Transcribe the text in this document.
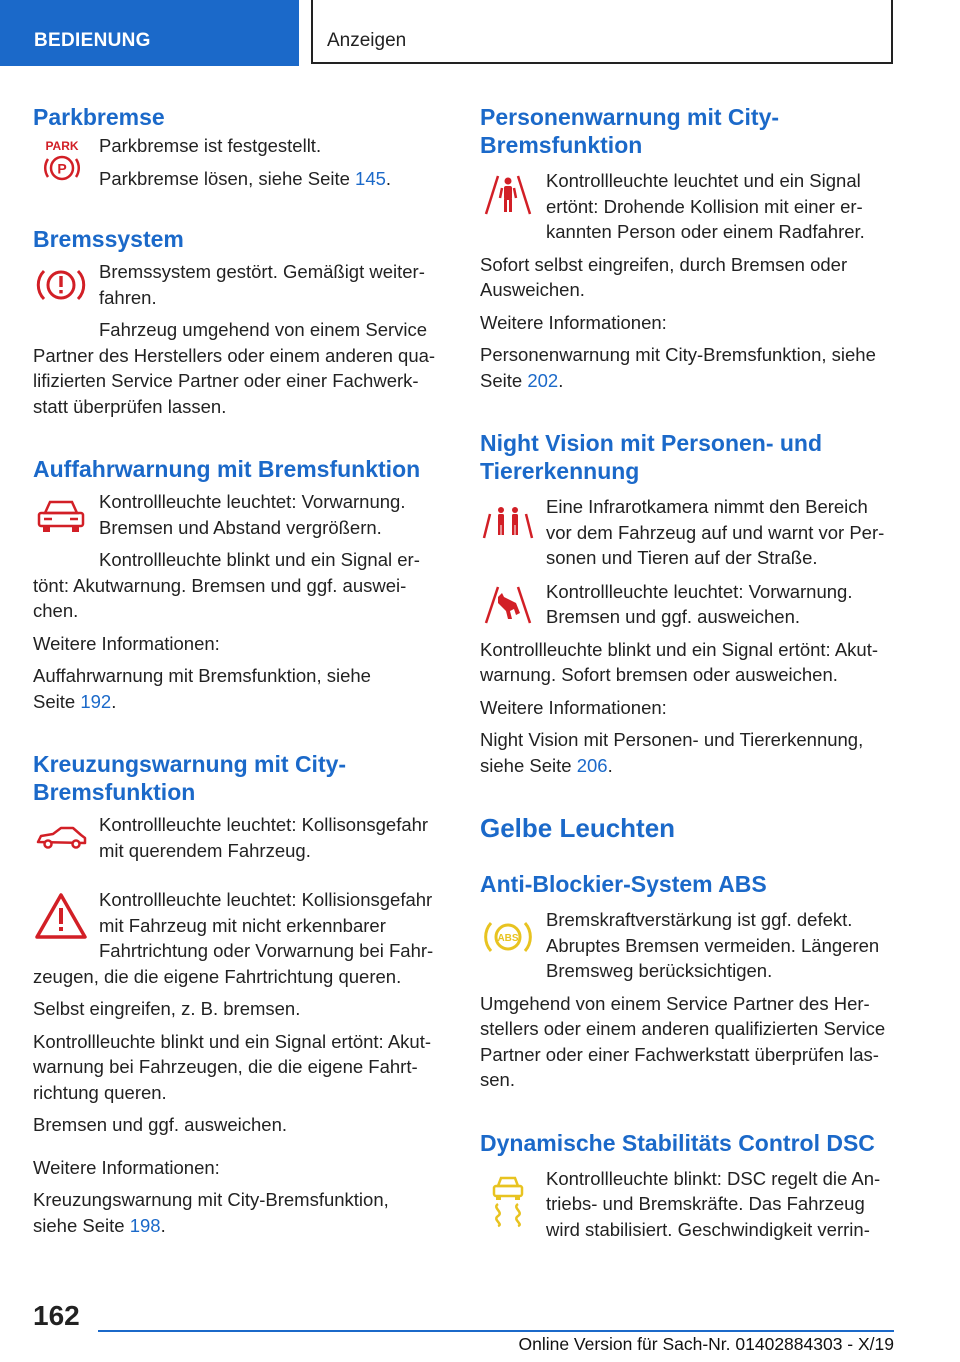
BEDIENUNG	Anzeigen
Parkbremse
PARK
P

Parkbremse ist festgestellt.

Parkbremse lösen, siehe Seite 145.

Bremssystem

Bremssystem gestört. Gemäßigt weiter-

fahren.

Fahrzeug umgehend von einem Service

Partner des Herstellers oder einem anderen qua-

lifizierten Service Partner oder einer Fachwerk-

statt überprüfen lassen.

Auffahrwarnung mit Bremsfunktion

Kontrollleuchte leuchtet: Vorwarnung.

Bremsen und Abstand vergrößern.

Kontrollleuchte blinkt und ein Signal er-

tönt: Akutwarnung. Bremsen und ggf. auswei-

chen.

Weitere Informationen:

Auffahrwarnung mit Bremsfunktion, siehe

Seite 192.

Kreuzungswarnung mit City-
Bremsfunktion

Kontrollleuchte leuchtet: Kollisonsgefahr

mit querendem Fahrzeug.

Kontrollleuchte leuchtet: Kollisionsgefahr

mit Fahrzeug mit nicht erkennbarer

Fahrtrichtung oder Vorwarnung bei Fahr-

zeugen, die die eigene Fahrtrichtung queren.

Selbst eingreifen, z. B. bremsen.

Kontrollleuchte blinkt und ein Signal ertönt: Akut-

warnung bei Fahrzeugen, die die eigene Fahrt-

richtung queren.

Bremsen und ggf. ausweichen.

Weitere Informationen:

Kreuzungswarnung mit City-Bremsfunktion,

siehe Seite 198.

Personenwarnung mit City-
Bremsfunktion

Kontrollleuchte leuchtet und ein Signal

ertönt: Drohende Kollision mit einer er-

kannten Person oder einem Radfahrer.

Sofort selbst eingreifen, durch Bremsen oder

Ausweichen.

Weitere Informationen:

Personenwarnung mit City-Bremsfunktion, siehe

Seite 202.

Night Vision mit Personen- und
Tiererkennung

Eine Infrarotkamera nimmt den Bereich

vor dem Fahrzeug auf und warnt vor Per-

sonen und Tieren auf der Straße.

Kontrollleuchte leuchtet: Vorwarnung.

Bremsen und ggf. ausweichen.

Kontrollleuchte blinkt und ein Signal ertönt: Akut-

warnung. Sofort bremsen oder ausweichen.

Weitere Informationen:

Night Vision mit Personen- und Tiererkennung,

siehe Seite 206.

Gelbe Leuchten
Anti-Blockier-System ABS
ABS

Bremskraftverstärkung ist ggf. defekt.

Abruptes Bremsen vermeiden. Längeren

Bremsweg berücksichtigen.

Umgehend von einem Service Partner des Her-

stellers oder einem anderen qualifizierten Service

Partner oder einer Fachwerkstatt überprüfen las-

sen.

Dynamische Stabilitäts Control DSC

Kontrollleuchte blinkt: DSC regelt die An-

triebs- und Bremskräfte. Das Fahrzeug

wird stabilisiert. Geschwindigkeit verrin-

162
Online Version für Sach-Nr. 01402884303 - X/19
